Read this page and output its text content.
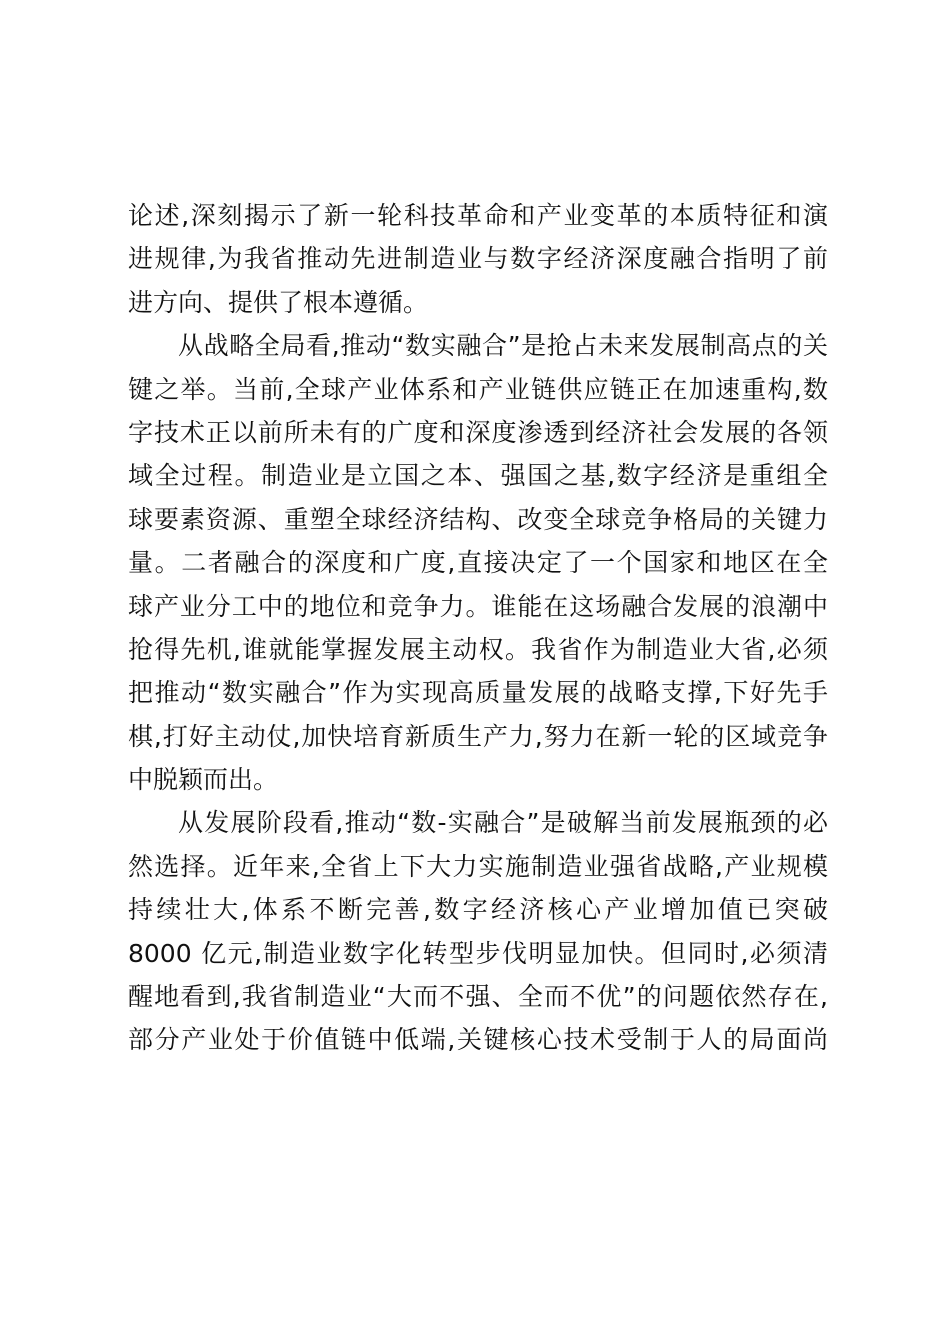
论述,深刻揭示了新一轮科技革命和产业变革的本质特征和演
进规律,为我省推动先进制造业与数字经济深度融合指明了前
进方向、提供了根本遵循。
从战略全局看,推动“数实融合”是抢占未来发展制高点的关
键之举。当前,全球产业体系和产业链供应链正在加速重构,数
字技术正以前所未有的广度和深度渗透到经济社会发展的各领
域全过程。制造业是立国之本、强国之基,数字经济是重组全
球要素资源、重塑全球经济结构、改变全球竞争格局的关键力
量。二者融合的深度和广度,直接决定了一个国家和地区在全
球产业分工中的地位和竞争力。谁能在这场融合发展的浪潮中
抢得先机,谁就能掌握发展主动权。我省作为制造业大省,必须
把推动“数实融合”作为实现高质量发展的战略支撑,下好先手
棋,打好主动仗,加快培育新质生产力,努力在新一轮的区域竞争
中脱颖而出。
从发展阶段看,推动“数-实融合”是破解当前发展瓶颈的必
然选择。近年来,全省上下大力实施制造业强省战略,产业规模
持续壮大,体系不断完善,数字经济核心产业增加值已突破
8000 亿元,制造业数字化转型步伐明显加快。但同时,必须清
醒地看到,我省制造业“大而不强、全而不优”的问题依然存在,
部分产业处于价值链中低端,关键核心技术受制于人的局面尚
